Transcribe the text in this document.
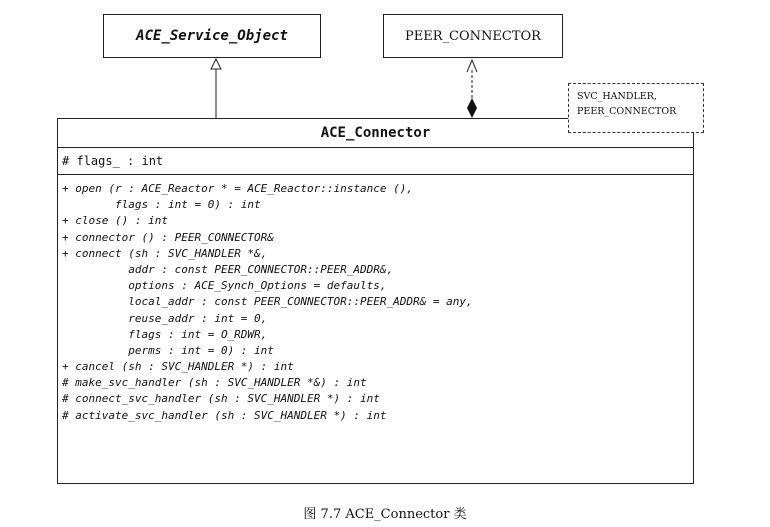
ACE_Service_Object	PEER_CONNECTOR
ACE_Connector
# flags_ : int
+ open (r : ACE_Reactor * = ACE_Reactor::instance (),
flags : int = 0) : int
+ close () : int
+ connector () : PEER_CONNECTOR&
+ connect (sh : SVC_HANDLER *&,
addr : const PEER_CONNECTOR::PEER_ADDR&,
options : ACE_Synch_Options = defaults,
local_addr : const PEER_CONNECTOR::PEER_ADDR& = any,
reuse_addr : int = 0,
flags : int = O_RDWR,
perms : int = 0) : int
+ cancel (sh : SVC_HANDLER *) : int
# make_svc_handler (sh : SVC_HANDLER *&) : int
# connect_svc_handler (sh : SVC_HANDLER *) : int
# activate_svc_handler (sh : SVC_HANDLER *) : int
SVC_HANDLER,
PEER_CONNECTOR
图 7.7 ACE_Connector 类
